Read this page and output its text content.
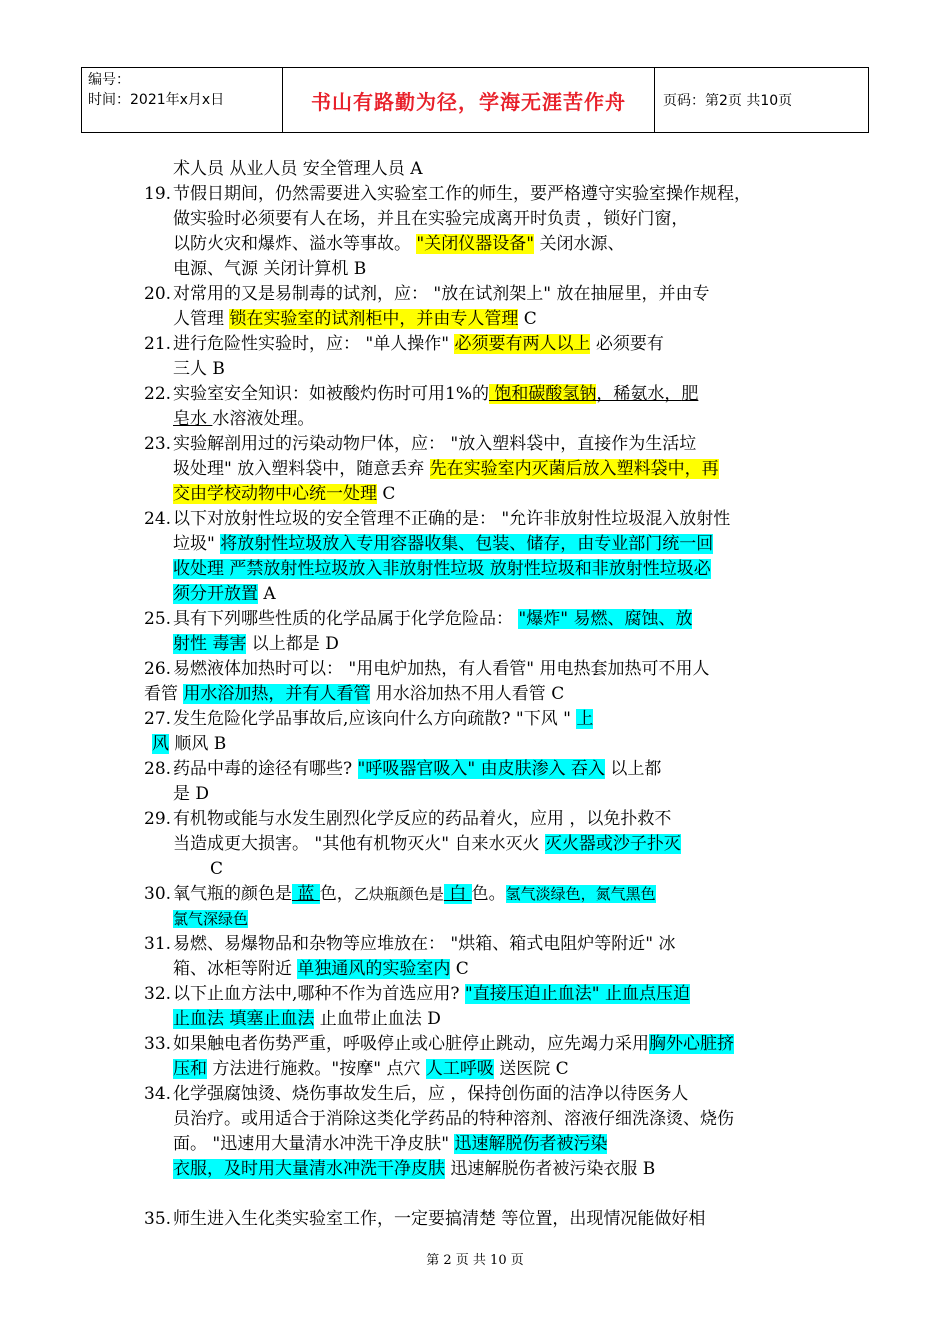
编号：
时间：2021年x月x日	书山有路勤为径，学海无涯苦作舟	页码：第2页 共10页
术人员 从业人员 安全管理人员 A
19. 节假日期间，仍然需要进入实验室工作的师生，要严格遵守实验室操作规程，
做实验时必须要有人在场，并且在实验完成离开时负责 ，锁好门窗，
以防火灾和爆炸、溢水等事故。 "关闭仪器设备" 关闭水源、
电源、气源 关闭计算机 B
20. 对常用的又是易制毒的试剂，应： "放在试剂架上" 放在抽屉里，并由专
人管理 锁在实验室的试剂柜中，并由专人管理 C
21. 进行危险性实验时，应： "单人操作" 必须要有两人以上 必须要有
三人 B
22. 实验室安全知识：如被酸灼伤时可用1%的 饱和碳酸氢钠，稀氨水，肥
皂水 水溶液处理。
23. 实验解剖用过的污染动物尸体，应： "放入塑料袋中，直接作为生活垃
圾处理" 放入塑料袋中，随意丢弃 先在实验室内灭菌后放入塑料袋中，再
交由学校动物中心统一处理 C
24. 以下对放射性垃圾的安全管理不正确的是： "允许非放射性垃圾混入放射性
垃圾" 将放射性垃圾放入专用容器收集、包装、储存，由专业部门统一回
收处理 严禁放射性垃圾放入非放射性垃圾 放射性垃圾和非放射性垃圾必
须分开放置 A
25. 具有下列哪些性质的化学品属于化学危险品： "爆炸" 易燃、腐蚀、放
射性 毒害 以上都是 D
26. 易燃液体加热时可以： "用电炉加热，有人看管" 用电热套加热可不用人
看管 用水浴加热，并有人看管 用水浴加热不用人看管 C
27. 发生危险化学品事故后,应该向什么方向疏散? "下风 " 上
风 顺风 B
28. 药品中毒的途径有哪些? "呼吸器官吸入" 由皮肤渗入 吞入 以上都
是 D
29. 有机物或能与水发生剧烈化学反应的药品着火，应用 ，以免扑救不
当造成更大损害。 "其他有机物灭火" 自来水灭火 灭火器或沙子扑灭
C
30. 氧气瓶的颜色是 蓝 色，乙炔瓶颜色是 白 色。氢气淡绿色，氮气黑色
氯气深绿色
31. 易燃、易爆物品和杂物等应堆放在： "烘箱、箱式电阻炉等附近" 冰
箱、冰柜等附近 单独通风的实验室内 C
32. 以下止血方法中,哪种不作为首选应用? "直接压迫止血法" 止血点压迫
止血法 填塞止血法 止血带止血法 D
33. 如果触电者伤势严重，呼吸停止或心脏停止跳动，应先竭力采用胸外心脏挤
压和 方法进行施救。"按摩" 点穴 人工呼吸 送医院 C
34. 化学强腐蚀烫、烧伤事故发生后，应 ，保持创伤面的洁净以待医务人
员治疗。或用适合于消除这类化学药品的特种溶剂、溶液仔细洗涤烫、烧伤
面。 "迅速用大量清水冲洗干净皮肤" 迅速解脱伤者被污染
衣服，及时用大量清水冲洗干净皮肤 迅速解脱伤者被污染衣服 B
35. 师生进入生化类实验室工作，一定要搞清楚 等位置，出现情况能做好相
第 2 页 共 10 页
